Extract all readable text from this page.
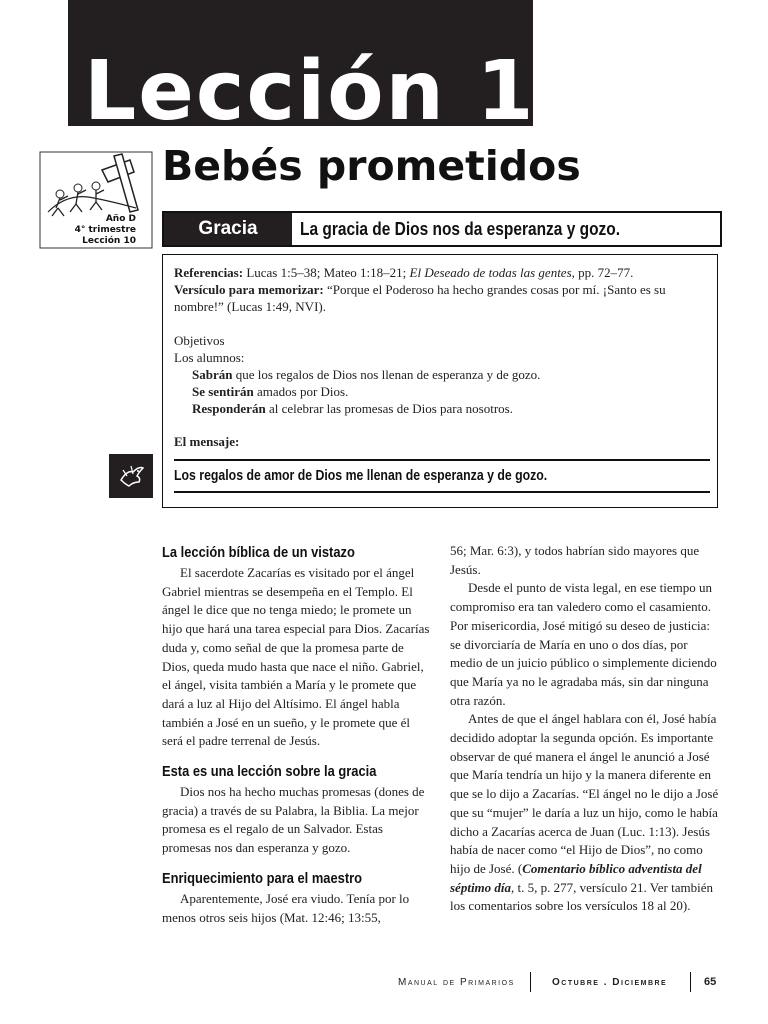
Lección 10
Bebés prometidos
Año D
4° trimestre
Lección 10
Gracia	La gracia de Dios nos da esperanza y gozo.
Referencias: Lucas 1:5–38; Mateo 1:18–21; El Deseado de todas las gentes, pp. 72–77.
Versículo para memorizar: “Porque el Poderoso ha hecho grandes cosas por mí. ¡Santo es su nombre!” (Lucas 1:49, NVI).
Objetivos
Los alumnos:
Sabrán que los regalos de Dios nos llenan de esperanza y de gozo.
Se sentirán amados por Dios.
Responderán al celebrar las promesas de Dios para nosotros.
El mensaje:
Los regalos de amor de Dios me llenan de esperanza y de gozo.
La lección bíblica de un vistazo

El sacerdote Zacarías es visitado por el ángel Gabriel mientras se desempeña en el Templo. El ángel le dice que no tenga miedo; le promete un hijo que hará una tarea especial para Dios. Zacarías duda y, como señal de que la promesa parte de Dios, queda mudo hasta que nace el niño. Gabriel, el ángel, visita también a María y le promete que dará a luz al Hijo del Altísimo. El ángel habla también a José en un sueño, y le promete que él será el padre terrenal de Jesús.

Esta es una lección sobre la gracia

Dios nos ha hecho muchas promesas (dones de gracia) a través de su Palabra, la Biblia. La mejor promesa es el regalo de un Salvador. Estas promesas nos dan esperanza y gozo.

Enriquecimiento para el maestro

Aparentemente, José era viudo. Tenía por lo menos otros seis hijos (Mat. 12:46; 13:55,

56; Mar. 6:3), y todos habrían sido mayores que Jesús.

Desde el punto de vista legal, en ese tiempo un compromiso era tan valedero como el casamiento. Por misericordia, José mitigó su deseo de justicia: se divorciaría de María en uno o dos días, por medio de un juicio público o simplemente diciendo que María ya no le agradaba más, sin dar ninguna otra razón.

Antes de que el ángel hablara con él, José había decidido adoptar la segunda opción. Es importante observar de qué manera el ángel le anunció a José que María tendría un hijo y la manera diferente en que se lo dijo a Zacarías. “El ángel no le dijo a José que su “mujer” le daría a luz un hijo, como le había dicho a Zacarías acerca de Juan (Luc. 1:13). Jesús había de nacer como “el Hijo de Dios”, no como hijo de José. (Comentario bíblico adventista del séptimo día, t. 5, p. 277, versículo 21. Ver también los comentarios sobre los versículos 18 al 20).

Manual de Primarios	Octubre . Diciembre	65
